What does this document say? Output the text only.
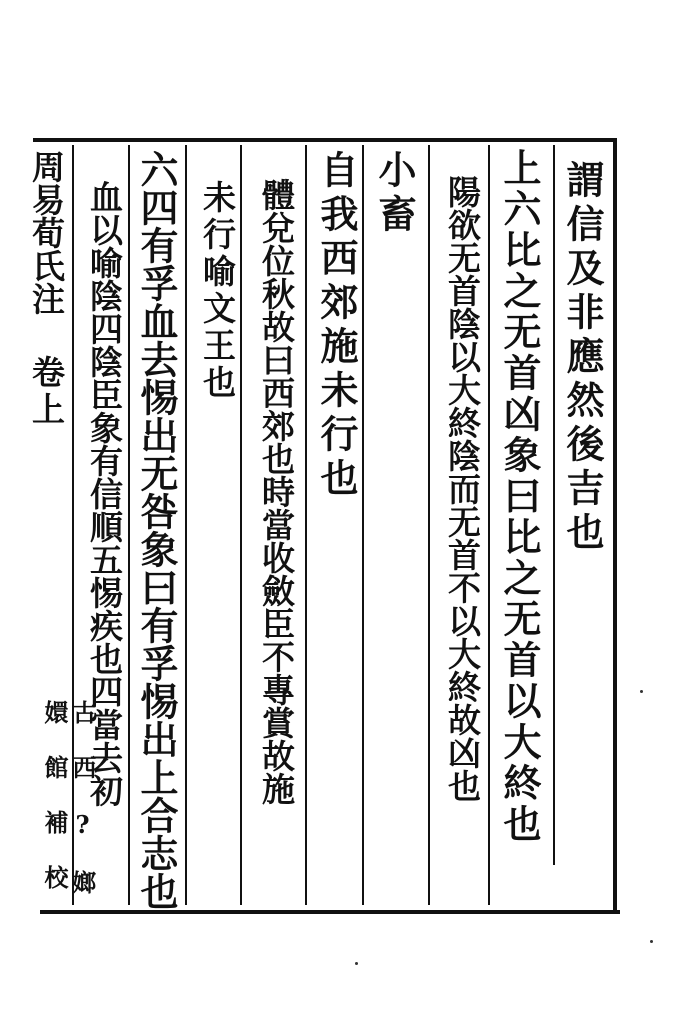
謂信及非應然後吉也
上六比之无首凶象曰比之无首以大終也
陽欲无首陰以大終陰而无首不以大終故凶也
小畜
自我西郊施未行也
體兌位秋故曰西郊也時當收斂臣不專賞故施
未行喻文王也
六四有孚血去惕出无咎象曰有孚惕出上合志也
血以喻陰四陰臣象有信順五惕疾也四當去初
周易荀氏注
卷上
古 西 ? 嫏嬛 館 補 校
